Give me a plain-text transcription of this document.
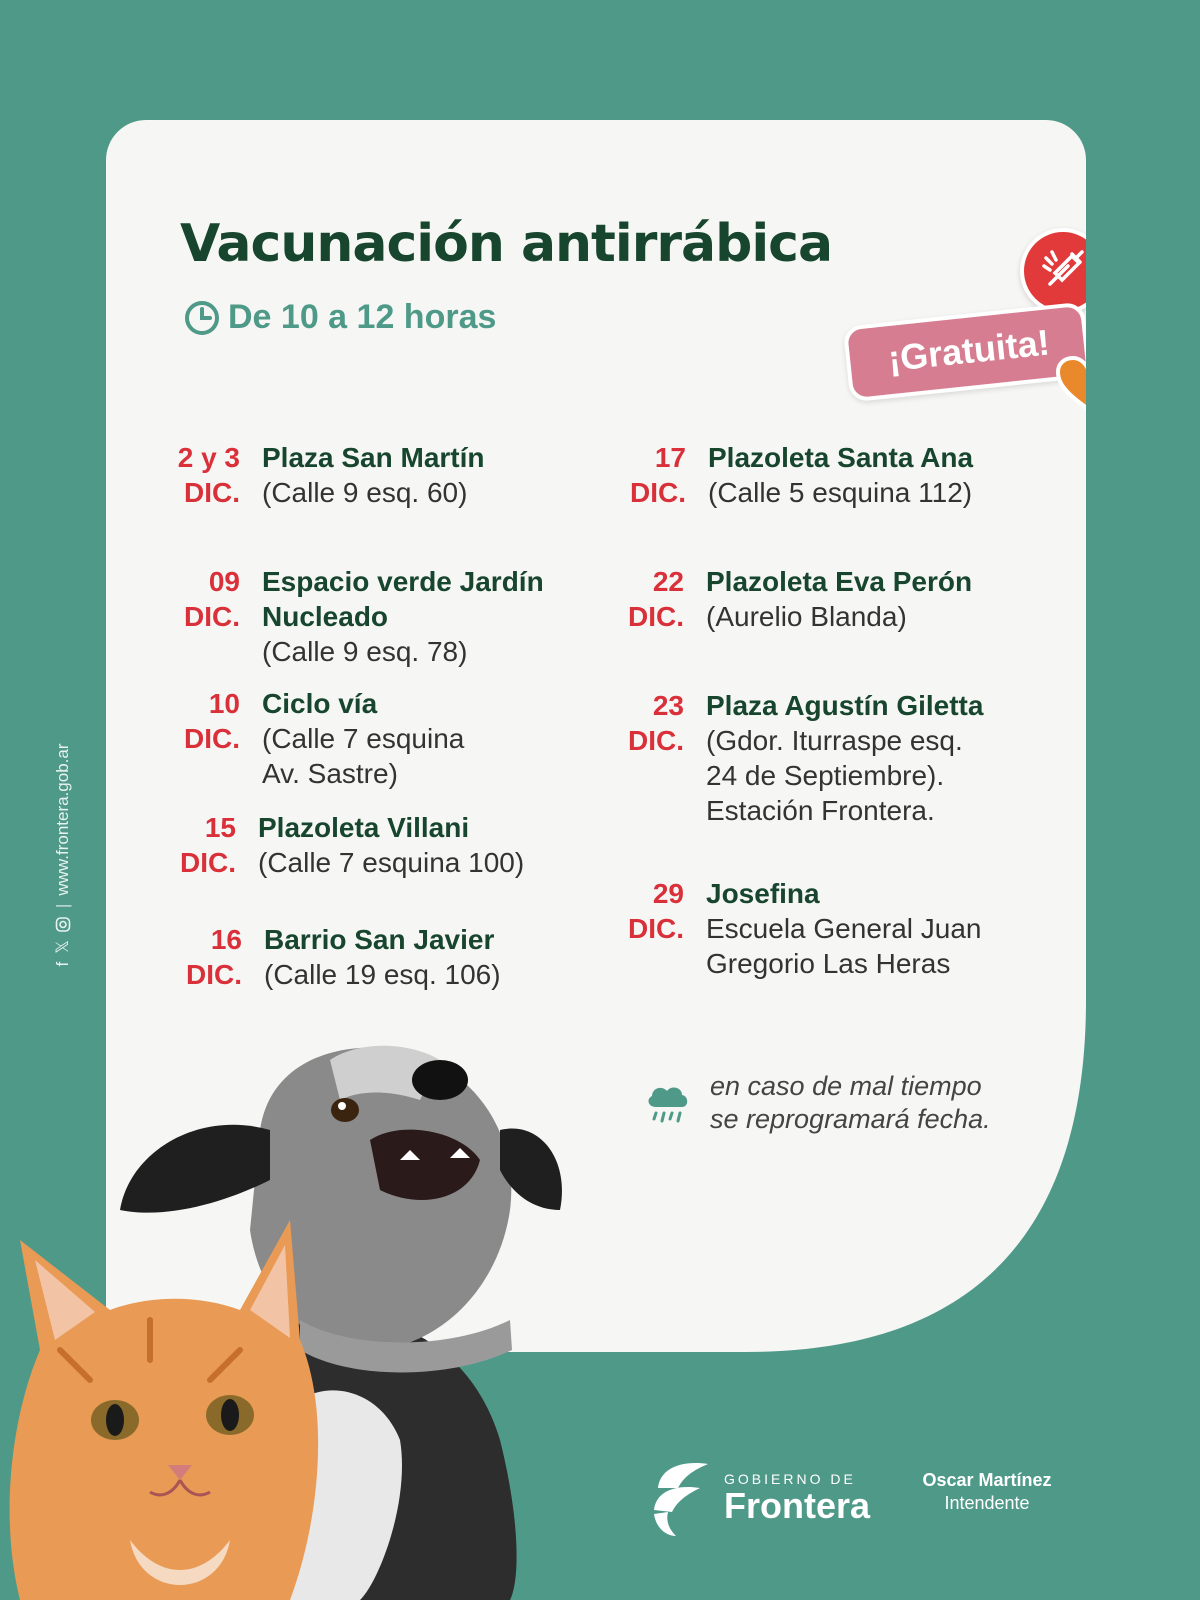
Vacunación antirrábica
De 10 a 12 horas
¡Gratuita!
2 y 3
DIC.
Plaza San Martín
(Calle 9 esq. 60)
09
DIC.
Espacio verde Jardín
Nucleado
(Calle 9 esq. 78)
10
DIC.
Ciclo vía
(Calle 7 esquina
Av. Sastre)
15
DIC.
Plazoleta Villani
(Calle 7 esquina 100)
16
DIC.
Barrio San Javier
(Calle 19 esq. 106)
17
DIC.
Plazoleta Santa Ana
(Calle 5 esquina 112)
22
DIC.
Plazoleta Eva Perón
(Aurelio Blanda)
23
DIC.
Plaza Agustín Giletta
(Gdor. Iturraspe esq.
24 de Septiembre).
Estación Frontera.
29
DIC.
Josefina
Escuela General Juan
Gregorio Las Heras
en caso de mal tiempo
se reprogramará fecha.
f
𝕏
|
www.frontera.gob.ar
GOBIERNO DE
Frontera
Oscar Martínez
Intendente
